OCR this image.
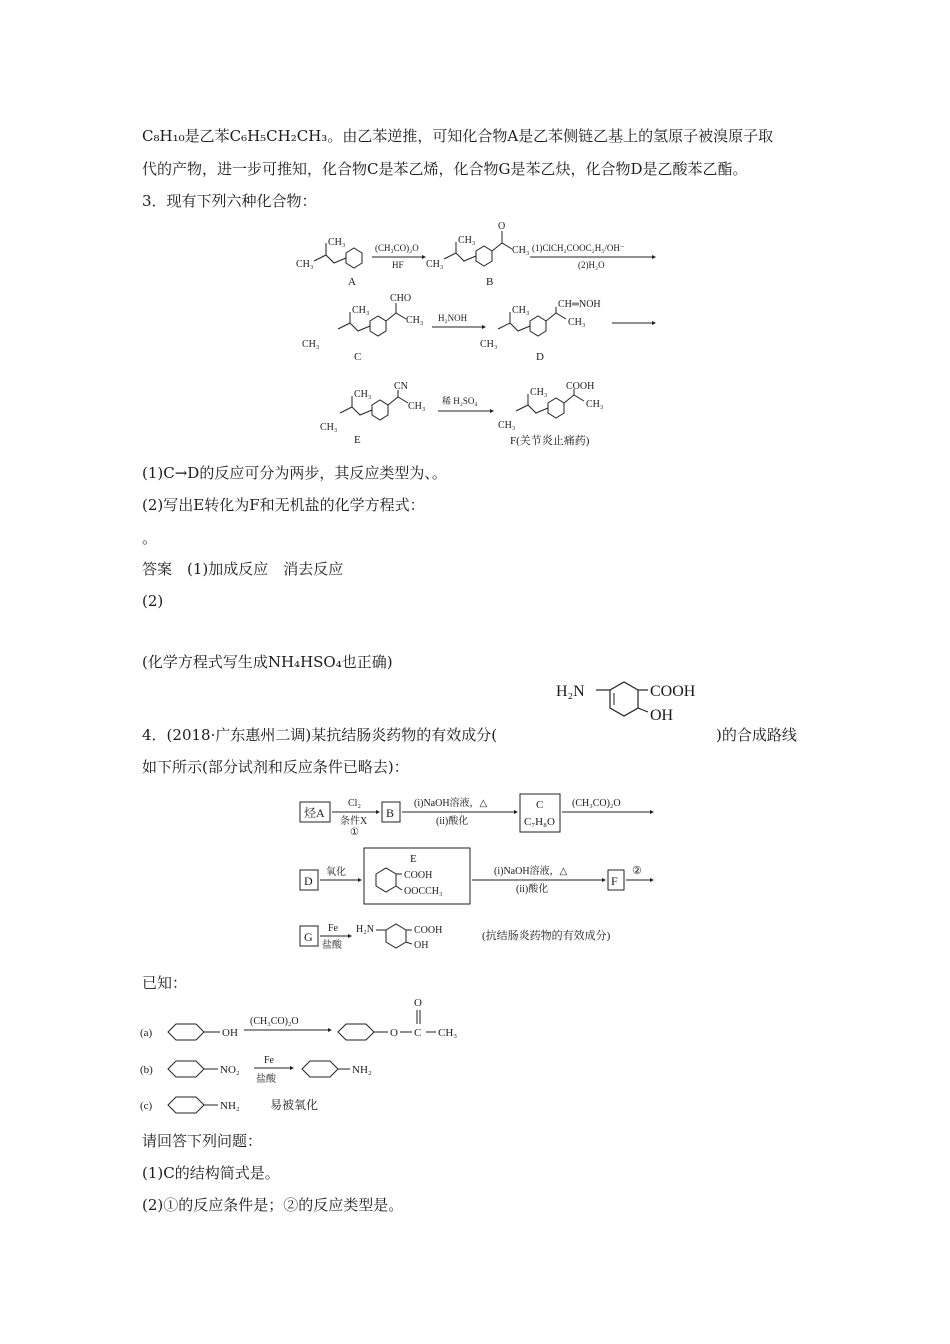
C₈H₁₀是乙苯C₆H₅CH₂CH₃。由乙苯逆推，可知化合物A是乙苯侧链乙基上的氢原子被溴原子取
代的产物，进一步可推知，化合物C是苯乙烯，化合物G是苯乙炔，化合物D是乙酸苯乙酯。
3．现有下列六种化合物：
CH₃
CH₃
A
(CH₃CO)₂O
HF
O
CH₃
CH₃
CH₃
B
(1)ClCH₂COOC₂H₅/OH⁻
(2)H₂O
CHO
CH₃
CH₃
CH₃
C
H₂NOH
CH═NOH
CH₃
CH₃
CH₃
D
CN
CH₃
CH₃
CH₃
E
稀 H₂SO₄
COOH
CH₃
CH₃
CH₃
F(关节炎止痛药)
(1)C→D的反应可分为两步，其反应类型为、。
(2)写出E转化为F和无机盐的化学方程式：
。
答案　(1)加成反应　消去反应
(2)
(化学方程式写生成NH₄HSO₄也正确)
H₂N	COOH
OH
4．(2018·广东惠州二调)某抗结肠炎药物的有效成分(	)的合成路线
如下所示(部分试剂和反应条件已略去)：
烃A
Cl₂
条件X
①
B
(i)NaOH溶液，△
(ii)酸化
C
C₇H₈O
(CH₃CO)₂O
D
氧化
E
COOH
OOCCH₃
(i)NaOH溶液，△
(ii)酸化
F
②
G
Fe
盐酸
H₂N	COOH
OH
(抗结肠炎药物的有效成分)
已知：
(a)	OH
(CH₃CO)₂O
O
O
C CH₃
(b)	NO₂
Fe
盐酸
NH₂
(c)	NH₂	易被氧化
请回答下列问题：
(1)C的结构简式是。
(2)①的反应条件是；②的反应类型是。
